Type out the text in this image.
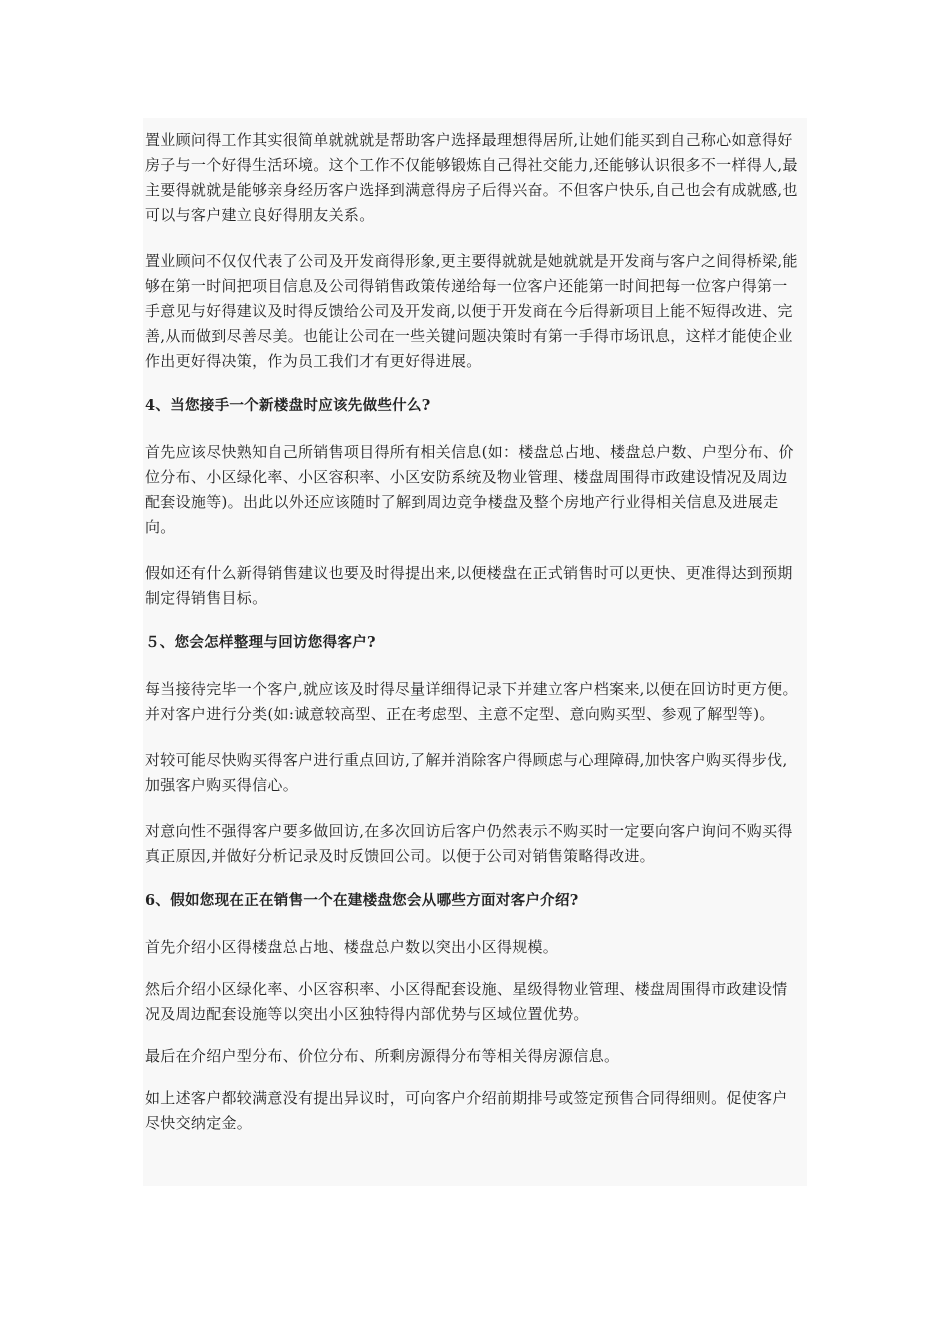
置业顾问得工作其实很简单就就就是帮助客户选择最理想得居所,让她们能买到自己称心如意得好房子与一个好得生活环境。这个工作不仅能够锻炼自己得社交能力,还能够认识很多不一样得人,最主要得就就是能够亲身经历客户选择到满意得房子后得兴奋。不但客户快乐,自己也会有成就感,也可以与客户建立良好得朋友关系。

置业顾问不仅仅代表了公司及开发商得形象,更主要得就就是她就就是开发商与客户之间得桥梁,能够在第一时间把项目信息及公司得销售政策传递给每一位客户还能第一时间把每一位客户得第一手意见与好得建议及时得反馈给公司及开发商,以便于开发商在今后得新项目上能不短得改进、完善,从而做到尽善尽美。也能让公司在一些关键问题决策时有第一手得市场讯息，这样才能使企业作出更好得决策，作为员工我们才有更好得进展。

4、当您接手一个新楼盘时应该先做些什么?

首先应该尽快熟知自己所销售项目得所有相关信息(如：楼盘总占地、楼盘总户数、户型分布、价位分布、小区绿化率、小区容积率、小区安防系统及物业管理、楼盘周围得市政建设情况及周边配套设施等)。出此以外还应该随时了解到周边竞争楼盘及整个房地产行业得相关信息及进展走向。

假如还有什么新得销售建议也要及时得提出来,以便楼盘在正式销售时可以更快、更准得达到预期制定得销售目标。

５、您会怎样整理与回访您得客户?

每当接待完毕一个客户,就应该及时得尽量详细得记录下并建立客户档案来,以便在回访时更方便。并对客户进行分类(如:诚意较高型、正在考虑型、主意不定型、意向购买型、参观了解型等)。

对较可能尽快购买得客户进行重点回访,了解并消除客户得顾虑与心理障碍,加快客户购买得步伐,加强客户购买得信心。

对意向性不强得客户要多做回访,在多次回访后客户仍然表示不购买时一定要向客户询问不购买得真正原因,并做好分析记录及时反馈回公司。以便于公司对销售策略得改进。

6、假如您现在正在销售一个在建楼盘您会从哪些方面对客户介绍?

首先介绍小区得楼盘总占地、楼盘总户数以突出小区得规模。

然后介绍小区绿化率、小区容积率、小区得配套设施、星级得物业管理、楼盘周围得市政建设情况及周边配套设施等以突出小区独特得内部优势与区域位置优势。

最后在介绍户型分布、价位分布、所剩房源得分布等相关得房源信息。

如上述客户都较满意没有提出异议时，可向客户介绍前期排号或签定预售合同得细则。促使客户尽快交纳定金。
